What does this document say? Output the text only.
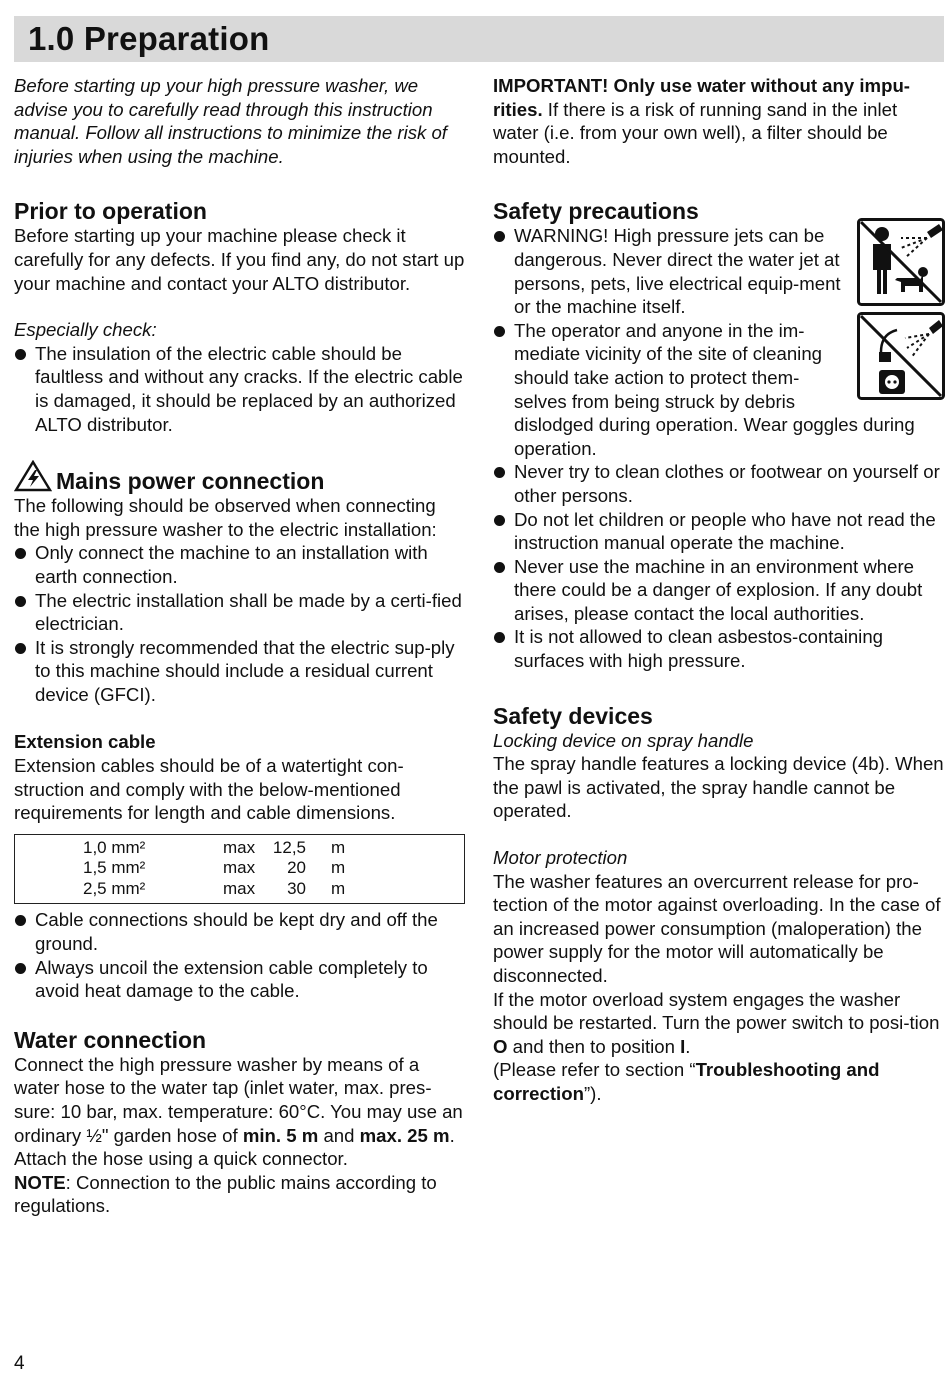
1.0 Preparation

Before starting up your high pressure washer, we advise you to carefully read through this instruction manual. Follow all instructions to minimize the risk of injuries when using the machine.

Prior to operation

Before starting up your machine please check it carefully for any defects. If you find any, do not start up your machine and contact your ALTO distributor.

Especially check:

The insulation of the electric cable should be faultless and without any cracks. If the electric cable is damaged, it should be replaced by an authorized ALTO distributor.
Mains power connection

The following should be observed when connecting the high pressure washer to the electric installation:

Only connect the machine to an installation with earth connection.
The electric installation shall be made by a certi-fied electrician.
It is strongly recommended that the electric sup-ply to this machine should include a residual current device (GFCI).
Extension cable

Extension cables should be of a watertight con-struction and comply with the below-mentioned requirements for length and cable dimensions.

1,0 mm²	max	12,5	m
1,5 mm²	max	20	m
2,5 mm²	max	30	m
Cable connections should be kept dry and off the ground.
Always uncoil the extension cable completely to avoid heat damage to the cable.
Water connection

Connect the high pressure washer by means of a water hose to the water tap (inlet water, max. pres-sure: 10 bar, max. temperature: 60°C. You may use an ordinary ½" garden hose of min. 5 m and max. 25 m. Attach the hose using a quick connector.
NOTE: Connection to the public mains according to regulations.

IMPORTANT! Only use water without any impu-rities. If there is a risk of running sand in the inlet water (i.e. from your own well), a filter should be mounted.

Safety precautions
WARNING! High pressure jets can be dangerous. Never direct the water jet at persons, pets, live electrical equip-ment or the machine itself.
The operator and anyone in the im-mediate vicinity of the site of cleaning should take action to protect them-selves from being struck by debris
dislodged during operation. Wear goggles during operation.
Never try to clean clothes or footwear on yourself or other persons.
Do not let children or people who have not read the instruction manual operate the machine.
Never use the machine in an environment where there could be a danger of explosion. If any doubt arises, please contact the local authorities.
It is not allowed to clean asbestos-containing surfaces with high pressure.
Safety devices

Locking device on spray handle

The spray handle features a locking device (4b). When the pawl is activated, the spray handle cannot be operated.

Motor protection

The washer features an overcurrent release for pro-tection of the motor against overloading. In the case of an increased power consumption (maloperation) the power supply for the motor will automatically be disconnected.

If the motor overload system engages the washer should be restarted. Turn the power switch to posi-tion O and then to position I.

(Please refer to section “Troubleshooting and correction”).

4
